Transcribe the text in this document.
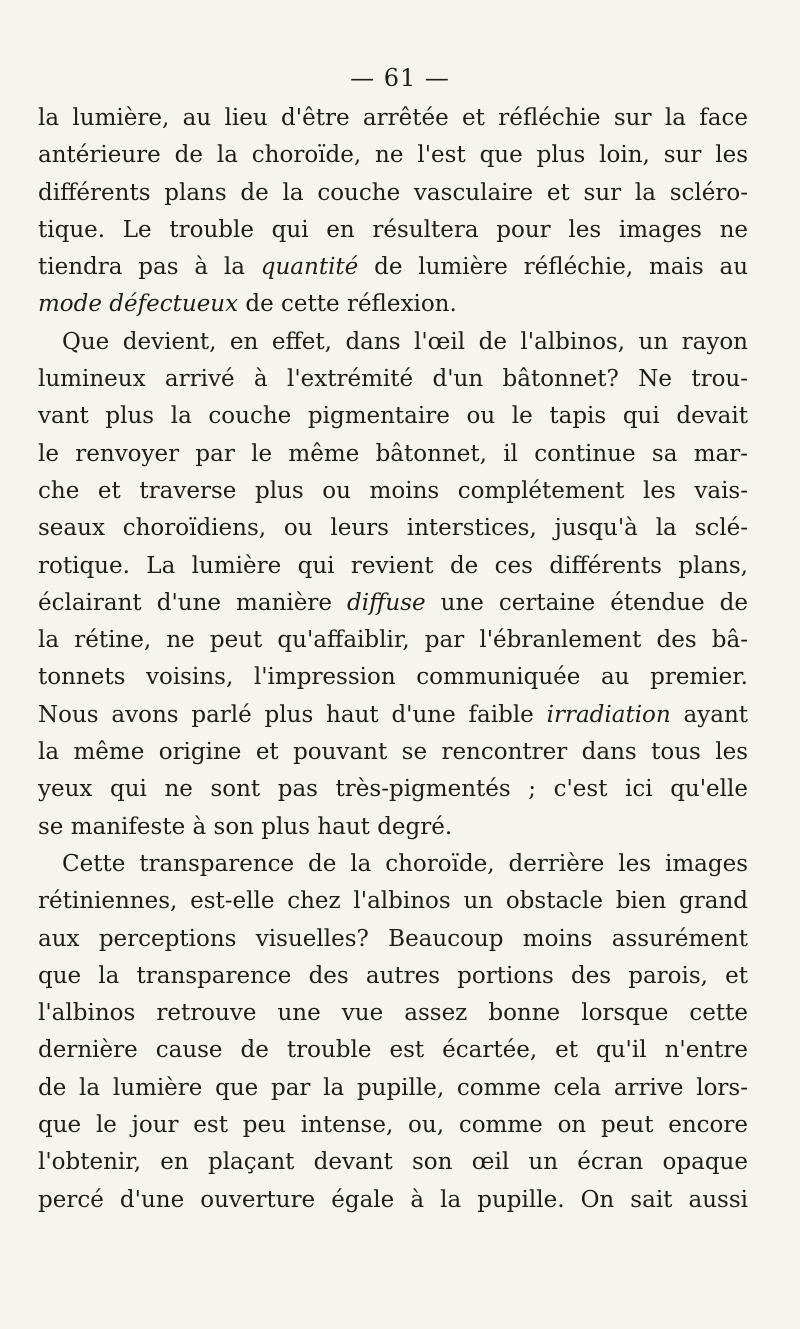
— 61 —
la lumière, au lieu d'être arrêtée et réfléchie sur la face
antérieure de la choroïde, ne l'est que plus loin, sur les
différents plans de la couche vasculaire et sur la scléro-
tique. Le trouble qui en résultera pour les images ne
tiendra pas à la quantité de lumière réfléchie, mais au
mode défectueux de cette réflexion.
Que devient, en effet, dans l'œil de l'albinos, un rayon
lumineux arrivé à l'extrémité d'un bâtonnet? Ne trou-
vant plus la couche pigmentaire ou le tapis qui devait
le renvoyer par le même bâtonnet, il continue sa mar-
che et traverse plus ou moins complétement les vais-
seaux choroïdiens, ou leurs interstices, jusqu'à la sclé-
rotique. La lumière qui revient de ces différents plans,
éclairant d'une manière diffuse une certaine étendue de
la rétine, ne peut qu'affaiblir, par l'ébranlement des bâ-
tonnets voisins, l'impression communiquée au premier.
Nous avons parlé plus haut d'une faible irradiation ayant
la même origine et pouvant se rencontrer dans tous les
yeux qui ne sont pas très-pigmentés ; c'est ici qu'elle
se manifeste à son plus haut degré.
Cette transparence de la choroïde, derrière les images
rétiniennes, est-elle chez l'albinos un obstacle bien grand
aux perceptions visuelles? Beaucoup moins assurément
que la transparence des autres portions des parois, et
l'albinos retrouve une vue assez bonne lorsque cette
dernière cause de trouble est écartée, et qu'il n'entre
de la lumière que par la pupille, comme cela arrive lors-
que le jour est peu intense, ou, comme on peut encore
l'obtenir, en plaçant devant son œil un écran opaque
percé d'une ouverture égale à la pupille. On sait aussi
